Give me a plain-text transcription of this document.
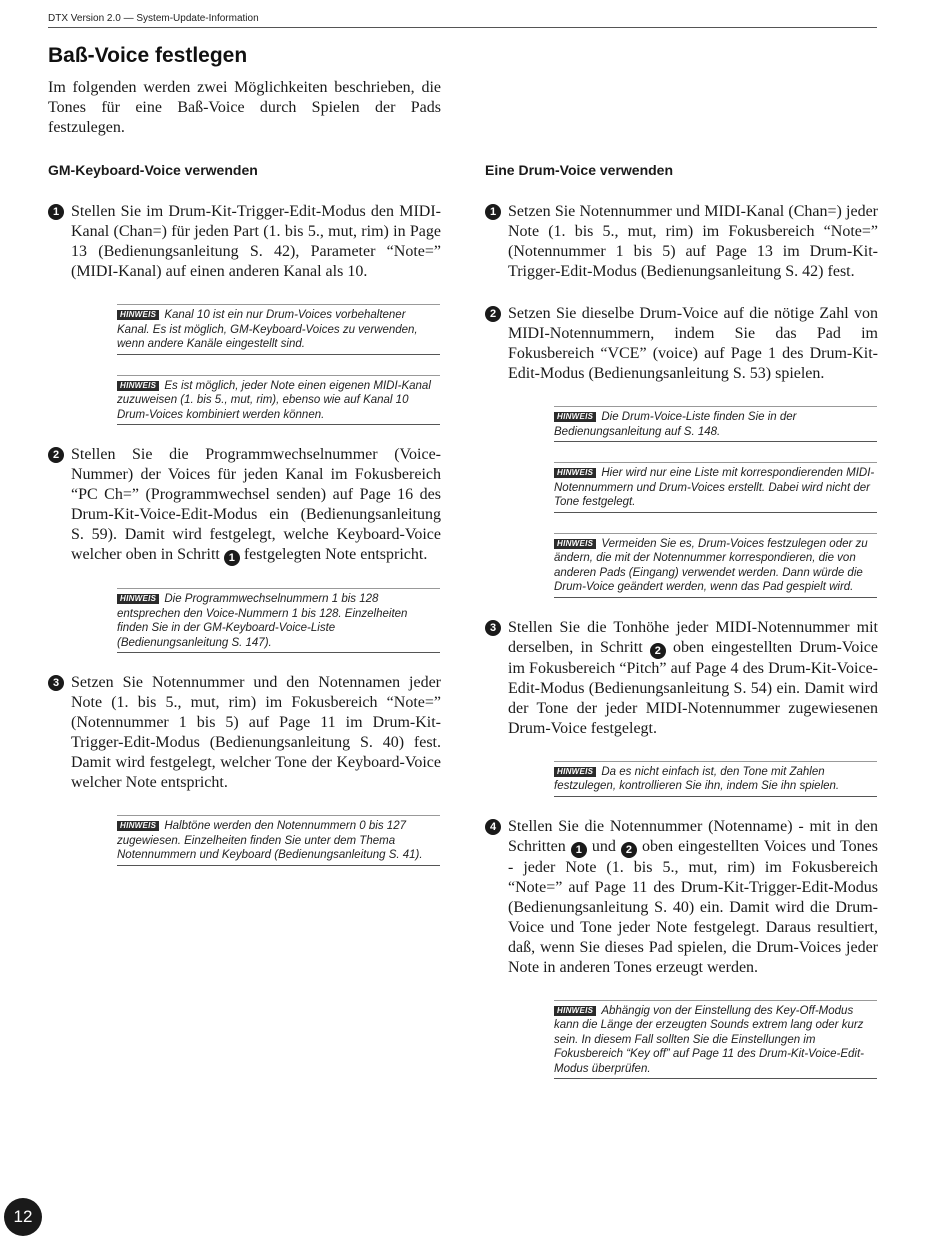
DTX Version 2.0 — System-Update-Information
Baß-Voice festlegen
Im folgenden werden zwei Möglichkeiten beschrieben, die Tones für eine Baß-Voice durch Spielen der Pads festzulegen.
GM-Keyboard-Voice verwenden
1 Stellen Sie im Drum-Kit-Trigger-Edit-Modus den MIDI-Kanal (Chan=) für jeden Part (1. bis 5., mut, rim) in Page 13 (Bedienungsanleitung S. 42), Parameter “Note=” (MIDI-Kanal) auf einen anderen Kanal als 10.
HINWEIS Kanal 10 ist ein nur Drum-Voices vorbehaltener Kanal. Es ist möglich, GM-Keyboard-Voices zu verwenden, wenn andere Kanäle eingestellt sind.
HINWEIS Es ist möglich, jeder Note einen eigenen MIDI-Kanal zuzuweisen (1. bis 5., mut, rim), ebenso wie auf Kanal 10 Drum-Voices kombiniert werden können.
2 Stellen Sie die Programmwechselnummer (Voice-Nummer) der Voices für jeden Kanal im Fokusbereich “PC Ch=” (Programmwechsel senden) auf Page 16 des Drum-Kit-Voice-Edit-Modus ein (Bedienungsanleitung S. 59). Damit wird festgelegt, welche Keyboard-Voice welcher oben in Schritt 1 festgelegten Note entspricht.
HINWEIS Die Programmwechselnummern 1 bis 128 entsprechen den Voice-Nummern 1 bis 128. Einzelheiten finden Sie in der GM-Keyboard-Voice-Liste (Bedienungsanleitung S. 147).
3 Setzen Sie Notennummer und den Notennamen jeder Note (1. bis 5., mut, rim) im Fokusbereich “Note=” (Notennummer 1 bis 5) auf Page 11 im Drum-Kit-Trigger-Edit-Modus (Bedienungsanleitung S. 40) fest. Damit wird festgelegt, welcher Tone der Keyboard-Voice welcher Note entspricht.
HINWEIS Halbtöne werden den Notennummern 0 bis 127 zugewiesen. Einzelheiten finden Sie unter dem Thema Notennummern und Keyboard (Bedienungsanleitung S. 41).
Eine Drum-Voice verwenden
1 Setzen Sie Notennummer und MIDI-Kanal (Chan=) jeder Note (1. bis 5., mut, rim) im Fokusbereich “Note=” (Notennummer 1 bis 5) auf Page 13 im Drum-Kit-Trigger-Edit-Modus (Bedienungsanleitung S. 42) fest.
2 Setzen Sie dieselbe Drum-Voice auf die nötige Zahl von MIDI-Notennummern, indem Sie das Pad im Fokusbereich “VCE” (voice) auf Page 1 des Drum-Kit-Edit-Modus (Bedienungsanleitung S. 53) spielen.
HINWEIS Die Drum-Voice-Liste finden Sie in der Bedienungsanleitung auf S. 148.
HINWEIS Hier wird nur eine Liste mit korrespondierenden MIDI-Notennummern und Drum-Voices erstellt. Dabei wird nicht der Tone festgelegt.
HINWEIS Vermeiden Sie es, Drum-Voices festzulegen oder zu ändern, die mit der Notennummer korrespondieren, die von anderen Pads (Eingang) verwendet werden. Dann würde die Drum-Voice geändert werden, wenn das Pad gespielt wird.
3 Stellen Sie die Tonhöhe jeder MIDI-Notennummer mit derselben, in Schritt 2 oben eingestellten Drum-Voice im Fokusbereich “Pitch” auf Page 4 des Drum-Kit-Voice-Edit-Modus (Bedienungsanleitung S. 54) ein. Damit wird der Tone der jeder MIDI-Notennummer zugewiesenen Drum-Voice festgelegt.
HINWEIS Da es nicht einfach ist, den Tone mit Zahlen festzulegen, kontrollieren Sie ihn, indem Sie ihn spielen.
4 Stellen Sie die Notennummer (Notenname) - mit in den Schritten 1 und 2 oben eingestellten Voices und Tones - jeder Note (1. bis 5., mut, rim) im Fokusbereich “Note=” auf Page 11 des Drum-Kit-Trigger-Edit-Modus (Bedienungsanleitung S. 40) ein. Damit wird die Drum-Voice und Tone jeder Note festgelegt. Daraus resultiert, daß, wenn Sie dieses Pad spielen, die Drum-Voices jeder Note in anderen Tones erzeugt werden.
HINWEIS Abhängig von der Einstellung des Key-Off-Modus kann die Länge der erzeugten Sounds extrem lang oder kurz sein. In diesem Fall sollten Sie die Einstellungen im Fokusbereich “Key off” auf Page 11 des Drum-Kit-Voice-Edit-Modus überprüfen.
12
